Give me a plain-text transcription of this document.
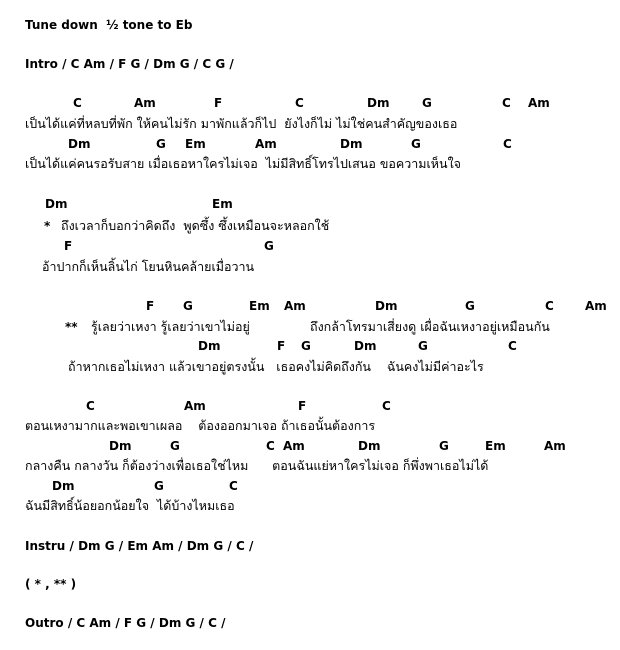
Tune down  ½ tone to Eb
Intro / C Am / F G / Dm G / C G /
C	Am	F	C	Dm	G	C Am
เป็นได้แค่ที่หลบที่พัก ให้คนไม่รัก มาพักแล้วก็ไป  ยังไงก็ไม่ ไม่ใช่คนสำคัญของเธอ
Dm	G Em	Am	Dm	G	C
เป็นได้แค่คนรอรับสาย เมื่อเธอหาใครไม่เจอ  ไม่มีสิทธิ์โทรไปเสนอ ขอความเห็นใจ
Dm	Em
* ถึงเวลาก็บอกว่าคิดถึง  พูดซึ้ง ซึ้งเหมือนจะหลอกใช้
F	G
อ้าปากก็เห็นลิ้นไก่ โยนหินคล้ายเมื่อวาน
F G	Em Am	Dm	G	C	Am
** รู้เลยว่าเหงา รู้เลยว่าเขาไม่อยู่	ถึงกล้าโทรมาเสี่ยงดู เผื่อฉันเหงาอยู่เหมือนกัน
Dm	F G	Dm	G	C
ถ้าหากเธอไม่เหงา แล้วเขาอยู่ตรงนั้น   เธอคงไม่คิดถึงกัน    ฉันคงไม่มีค่าอะไร
C	Am	F	C
ตอนเหงามากและพอเขาเผลอ    ต้องออกมาเจอ ถ้าเธอนั้นต้องการ
Dm	G	C Am	Dm	G	Em	Am
กลางคืน กลางวัน ก็ต้องว่างเพื่อเธอใช่ไหม      ตอนฉันแย่หาใครไม่เจอ ก็พึ่งพาเธอไม่ได้
Dm	G	C
ฉันมีสิทธิ์น้อยอกน้อยใจ  ได้บ้างไหมเธอ
Instru / Dm G / Em Am / Dm G / C /
( * , ** )
Outro / C Am / F G / Dm G / C /
